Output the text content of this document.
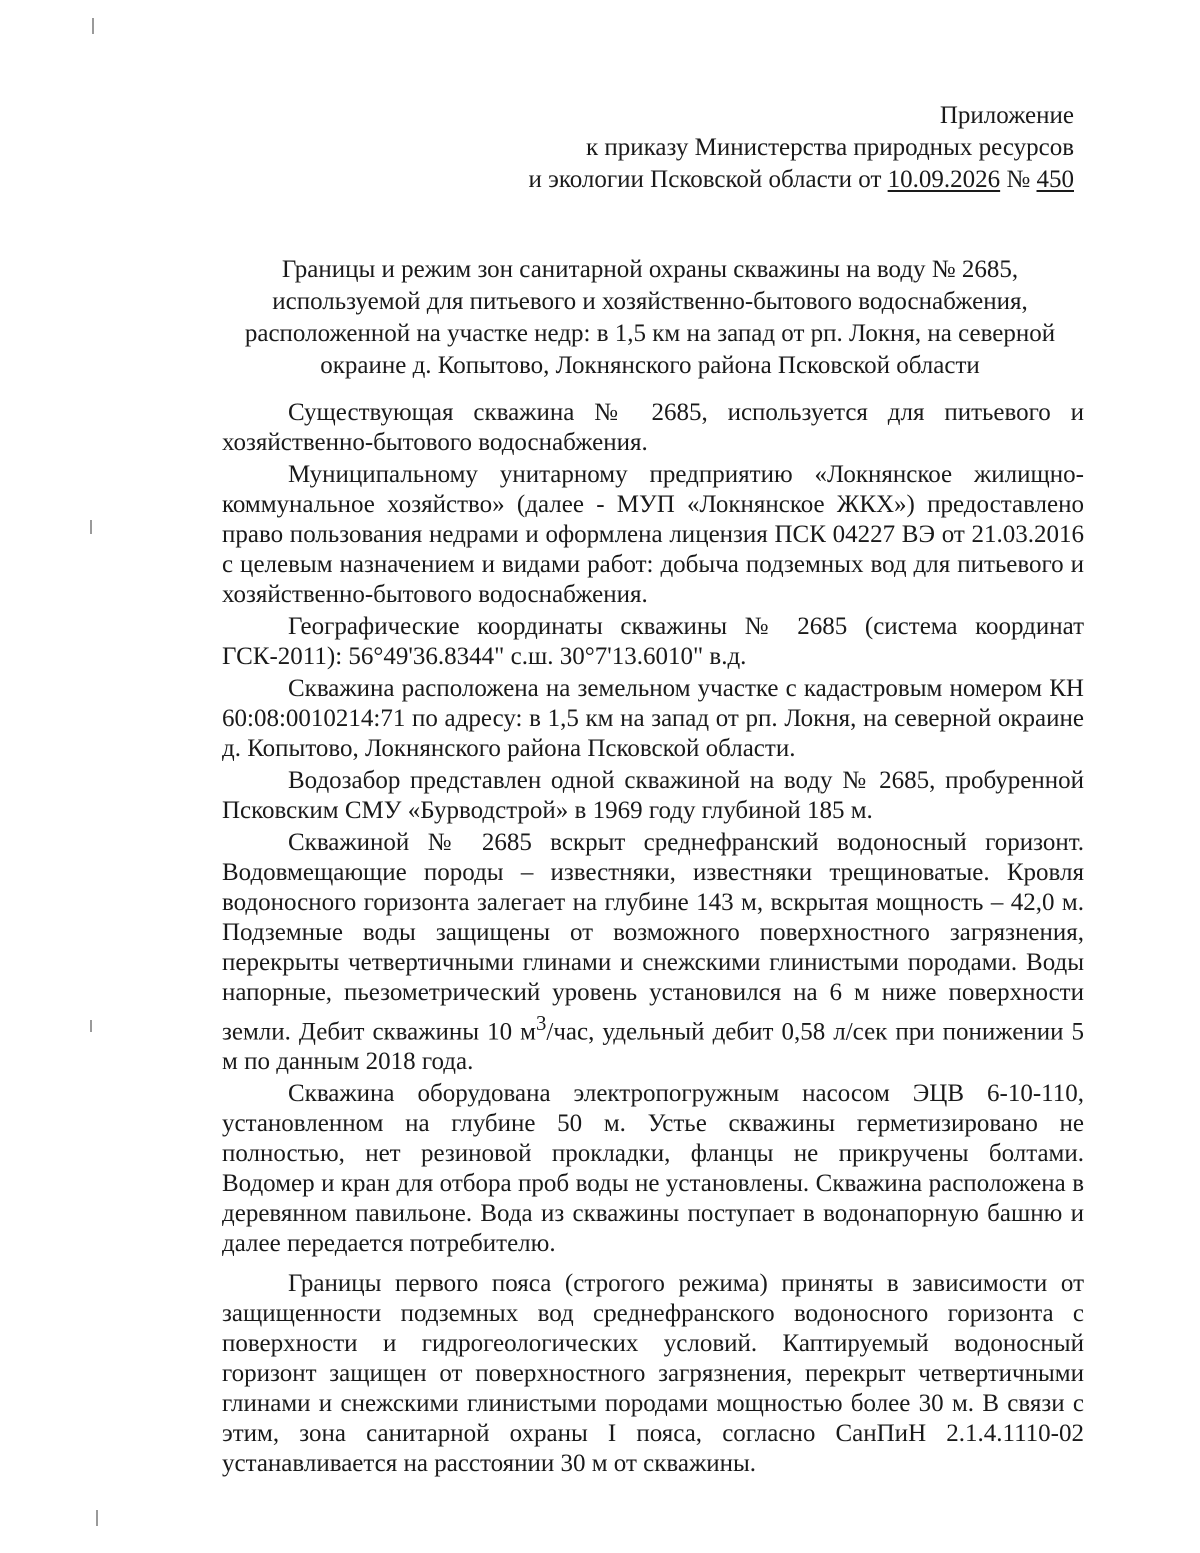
Приложение
к приказу Министерства природных ресурсов
и экологии Псковской области от 10.09.2026 № 450
Границы и режим зон санитарной охраны скважины на воду № 2685,
используемой для питьевого и хозяйственно-бытового водоснабжения,
расположенной на участке недр: в 1,5 км на запад от рп. Локня, на северной
окраине д. Копытово, Локнянского района Псковской области

Существующая скважина № 2685, используется для питьевого и хозяйственно-бытового водоснабжения.

Муниципальному унитарному предприятию «Локнянское жилищно-коммунальное хозяйство» (далее - МУП «Локнянское ЖКХ») предоставлено право пользования недрами и оформлена лицензия ПСК 04227 ВЭ от 21.03.2016 с целевым назначением и видами работ: добыча подземных вод для питьевого и хозяйственно-бытового водоснабжения.

Географические координаты скважины № 2685 (система координат ГСК-2011): 56°49'36.8344" с.ш. 30°7'13.6010" в.д.

Скважина расположена на земельном участке с кадастровым номером КН 60:08:0010214:71 по адресу: в 1,5 км на запад от рп. Локня, на северной окраине д. Копытово, Локнянского района Псковской области.

Водозабор представлен одной скважиной на воду № 2685, пробуренной Псковским СМУ «Бурводстрой» в 1969 году глубиной 185 м.

Скважиной № 2685 вскрыт среднефранский водоносный горизонт. Водовмещающие породы – известняки, известняки трещиноватые. Кровля водоносного горизонта залегает на глубине 143 м, вскрытая мощность – 42,0 м. Подземные воды защищены от возможного поверхностного загрязнения, перекрыты четвертичными глинами и снежскими глинистыми породами. Воды напорные, пьезометрический уровень установился на 6 м ниже поверхности земли. Дебит скважины 10 $м^3$/час, удельный дебит 0,58 л/сек при понижении 5 м по данным 2018 года.

Скважина оборудована электропогружным насосом ЭЦВ 6-10-110, установленном на глубине 50 м. Устье скважины герметизировано не полностью, нет резиновой прокладки, фланцы не прикручены болтами. Водомер и кран для отбора проб воды не установлены. Скважина расположена в деревянном павильоне. Вода из скважины поступает в водонапорную башню и далее передается потребителю.

Границы первого пояса (строгого режима) приняты в зависимости от защищенности подземных вод среднефранского водоносного горизонта с поверхности и гидрогеологических условий. Каптируемый водоносный горизонт защищен от поверхностного загрязнения, перекрыт четвертичными глинами и снежскими глинистыми породами мощностью более 30 м. В связи с этим, зона санитарной охраны I пояса, согласно СанПиН 2.1.4.1110-02 устанавливается на расстоянии 30 м от скважины.
